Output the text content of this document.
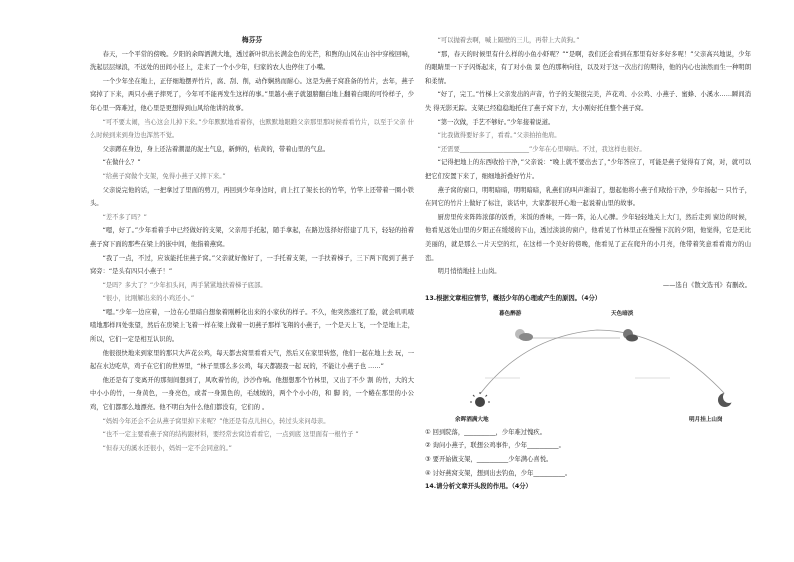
梅芬芬

春天，一个平常的傍晚。夕阳的余晖洒满大地，透过新叶织出长满金色的光芒，和煦的山风在山谷中穿梭回响，洗起层层绿浪，不远处的田间小径上，走来了一个小少年，归家的农人也停住了小嘴。

一个少年坐在地上，正仔细地摆弄竹片，腐、刮、削，动作娴熟而耐心。这是为燕子窝准备的竹片，去年，燕子窝掉了下来，两只小燕子摔死了，今年可不能再发生这样的事。”里越小燕子就翅膀翻白地上翻着白眼的可怜样子，少年心里一阵难过，他心里是更想得到山风给他讲的故事。

“可不要太闹，当心这会儿掉下来。”少年默默地看着你，也默默地眼瞧父亲那里那时候看看竹片，以至于父亲 什么时候到来到身边也浑然不觉。

父亲蹲在身边，身上还沾着潮湿的泥土气息，新鲜的，枯黄的，带着山里的气息。

“在做什么？”

“给燕子窝做个支架，免得小燕子又摔下来。”

父亲说完他的话，一把拿过了里面的剪刀，再回到少年身边时，肩上扛了架长长的竹竿，竹竿上还带着一圈小铁头。

“差不多了吗？”

“嗯，好了。”少年看着手中已经做好的支架，父亲用手托起，随手拿起，在路边选择好搭建了几下，轻轻的拍着燕子窝下面的那些在梁上的嵌中间，他指着燕窝。

“我了一点，不过，应该能托住燕子窝。”父亲就好像好了，一手托着支架，一手扶着梯子，三下两下爬到了燕子窝旁：“是头有四只小燕子！”

“是吗？多大了？”少年扣头问，两手紧紧地扶着梯子底部。

“很小，比刚解出来的小鸡还小。”

“嗯。”少年一边应着，一边在心里暗自想象着刚孵化出来的小家伙的样子。不久，他突然涨红了脸，就会叽叽喳喳地那样四处张望，然后在房梁上飞着一样在梁上做着一切燕子那样飞翔的小燕子，一个是天上飞，一个是地上走，所以，它们一定是相互认识的。

他很很快地来到家里的那只大芦花公鸡，每天都去窝里看看天气，然后又在家里转悠，他们一起在地上去 玩，一起在水边吃草，鸡子在它们的世界里，“林子里那么多公鸡，每天都跟我一起 玩的，不能让小燕子也 ……”

他还是有了变离开的那刻间想到了，风吹着竹的，沙沙作响。他想想那个竹林里，又出了不少 割 的竹，大的大中小小的竹，一身黄色，一身亮色，或者一身黑色的，毛绒绒的，两个个小小的，和 脚 的，一个蜷在那里的小公鸡，它们都那么地漂亮。他不明白为什么他们都没有，它们的 。

“妈妈今年还会不会从燕子窝里掉下来呢？”他还是有点儿担心，转过头来问母亲。

“也不一定主要看燕子窝的结构跟材料，要经常去窝边看看它，一点到底 这里面有一根竹子 ”

“但春天的溪水还很小，妈妈一定不会同意的。”

“可以抛着去啊，喊上隔壁的三儿，再带上大黄狗。”

“那，春天的时候里有什么样的小鱼小虾呢？”“是啊，我们还会看到在那里有好多好多呢！”父亲高兴地说，少年的眼睛里一下子闪烁起来，有了对小鱼 景 色的那种向往，以及对于这一次出行的期待，他的内心也油然而生一种明朗和柔情。

“好了，完工。”竹梯上父亲发出的声音，竹子的支架很完美，芦花鸡、小公鸡、小燕子、蜜蜂、小溪水……瞬间消失 得无影无踪。支架已经稳稳地托住了燕子窝下方，大小刚好托住整个燕子窝。

“第一次做，手艺不够好。”少年接着说道。

“比我做得要好多了，看看。”父亲拍拍他肩。

“还需要______________________”少年在心里嘀咕。不过，我这样也很好。

“记得把地上的东西收拾干净，”父亲说：“晚上就不要出去了，”少年答应了，可能是燕子觉得有了窝，对，就可以把它们安置下来了，细细地折叠好竹片。

燕子窝的窗口，明明暗暗，明明暗暗，乳燕们的叫声渐弱了，想起他将小燕子们收拾干净，少年扬起一 只竹子，在同它的竹片上做好了标注，谈话中，大家都很开心地一起说着山里的故事。

厨房里传来阵阵浓郁的饭香，米饭的香味，一阵一阵，沁人心脾。少年轻轻地关上大门，然后走到 窗边的时候，他看见远处山里的夕阳正在缓缓的下山，透过淡淡的窗户，他看见了竹林里正在慢慢下沉的夕阳，他觉得，它是无比美丽的，就是那么一片天空的红，在这样一个美好的傍晚，他看见了正在爬升的小月亮，他带着笑意看看南方的山峦。

明月悄悄地挂上山岗。

——选自《散文选刊》有删改。

13.根据文章相应情节，概括少年的心理或产生的原因。（4分）

暮色醉游	天色暗淡
余晖洒满大地	明月挂上山岗

① 回到院落，__________，少年难过愧疚。

② 询问小燕子，联想公鸡事件，少年__________。

③ 要开始做支架，__________少年满心喜悦。

④ 讨好燕窝支架，想到出去钓鱼，少年__________。

14.请分析文章开头段的作用。（4分）
